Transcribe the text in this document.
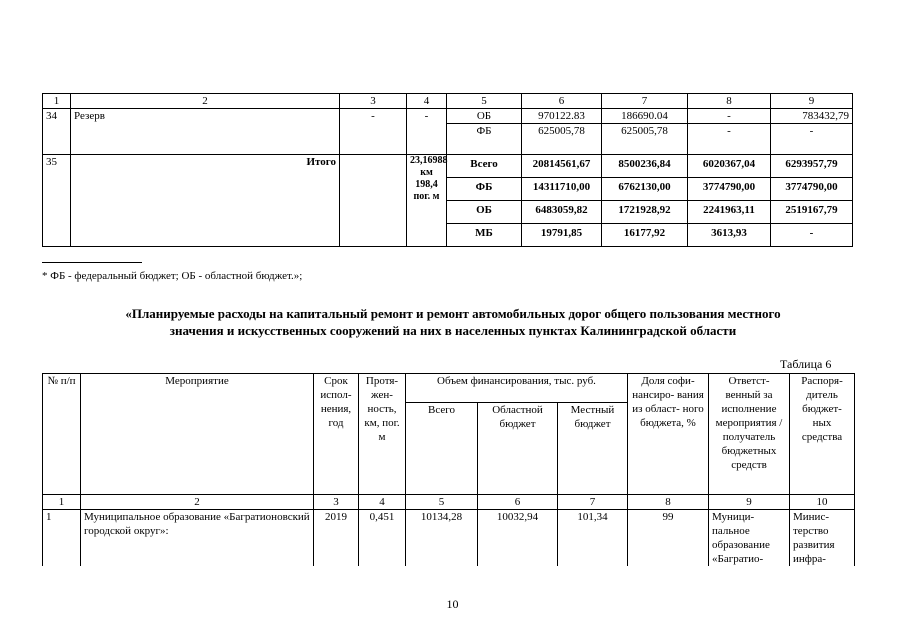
1	2	3	4	5	6	7	8	9
34	Резерв	-	-	ОБ	970122.83	186690.04	-	783432,79
				ФБ	625005,78	625005,78	-	-
35	Итого		23,16988
км
198,4
пог. м	Всего	20814561,67	8500236,84	6020367,04	6293957,79
				ФБ	14311710,00	6762130,00	3774790,00	3774790,00
				ОБ	6483059,82	1721928,92	2241963,11	2519167,79
				МБ	19791,85	16177,92	3613,93	-
* ФБ - федеральный бюджет; ОБ - областной бюджет.»;
«Планируемые расходы на капитальный ремонт и ремонт автомобильных дорог общего пользования местного
значения и искусственных сооружений на них в населенных пунктах Калининградской области
Таблица 6
№ п/п	Мероприятие	Срок испол- нения, год	Протя- жен- ность, км, пог. м	Объем финансирования, тыс. руб.			Доля софи- нансиро- вания из област- ного бюджета, %	Ответст- венный за исполнение мероприятия / получатель бюджетных средств	Распоря- дитель бюджет- ных средства
				Всего	Областной бюджет	Местный бюджет			
1	2	3	4	5	6	7	8	9	10
1	Муниципальное образование «Багратионовский городской округ»:	2019	0,451	10134,28	10032,94	101,34	99	Муници- пальное образование «Багратио-	Минис- терство развития инфра-
10
